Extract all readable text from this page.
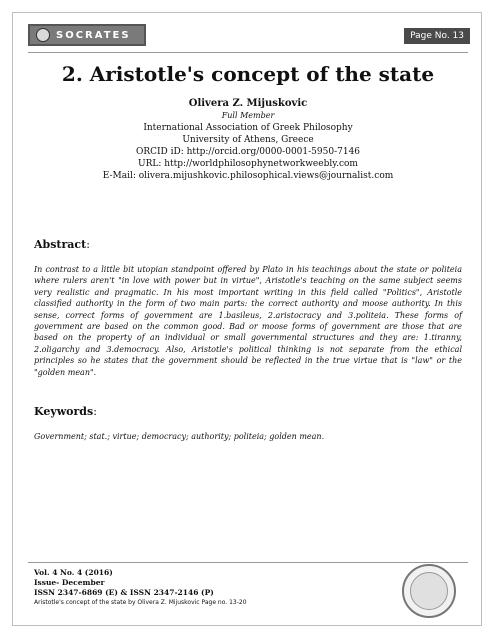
SOCRATES	Page No. 13
2. Aristotle's concept of the state
Olivera Z. Mijuskovic
Full Member
International Association of Greek Philosophy
University of Athens, Greece
ORCID iD: http://orcid.org/0000-0001-5950-7146
URL: http://worldphilosophynetworkweebly.com
E-Mail: olivera.mijushkovic.philosophical.views@journalist.com
Abstract:
In contrast to a little bit utopian standpoint offered by Plato in his teachings about the state or politeia where rulers aren't "in love with power but in virtue", Aristotle's teaching on the same subject seems very realistic and pragmatic. In his most important writing in this field called "Politics", Aristotle classified authority in the form of two main parts: the correct authority and moose authority. In this sense, correct forms of government are 1.basileus, 2.aristocracy and 3.politeia. These forms of government are based on the common good. Bad or moose forms of government are those that are based on the property of an individual or small governmental structures and they are: 1.tiranny, 2.oligarchy and 3.democracy. Also, Aristotle's political thinking is not separate from the ethical principles so he states that the government should be reflected in the true virtue that is "law" or the "golden mean".
Keywords:
Government; stat.; virtue; democracy; authority; politeia; golden mean.
Vol. 4 No. 4 (2016)
Issue- December
ISSN 2347-6869 (E) & ISSN 2347-2146 (P)
Aristotle's concept of the state by Olivera Z. Mijuskovic Page no. 13-20
